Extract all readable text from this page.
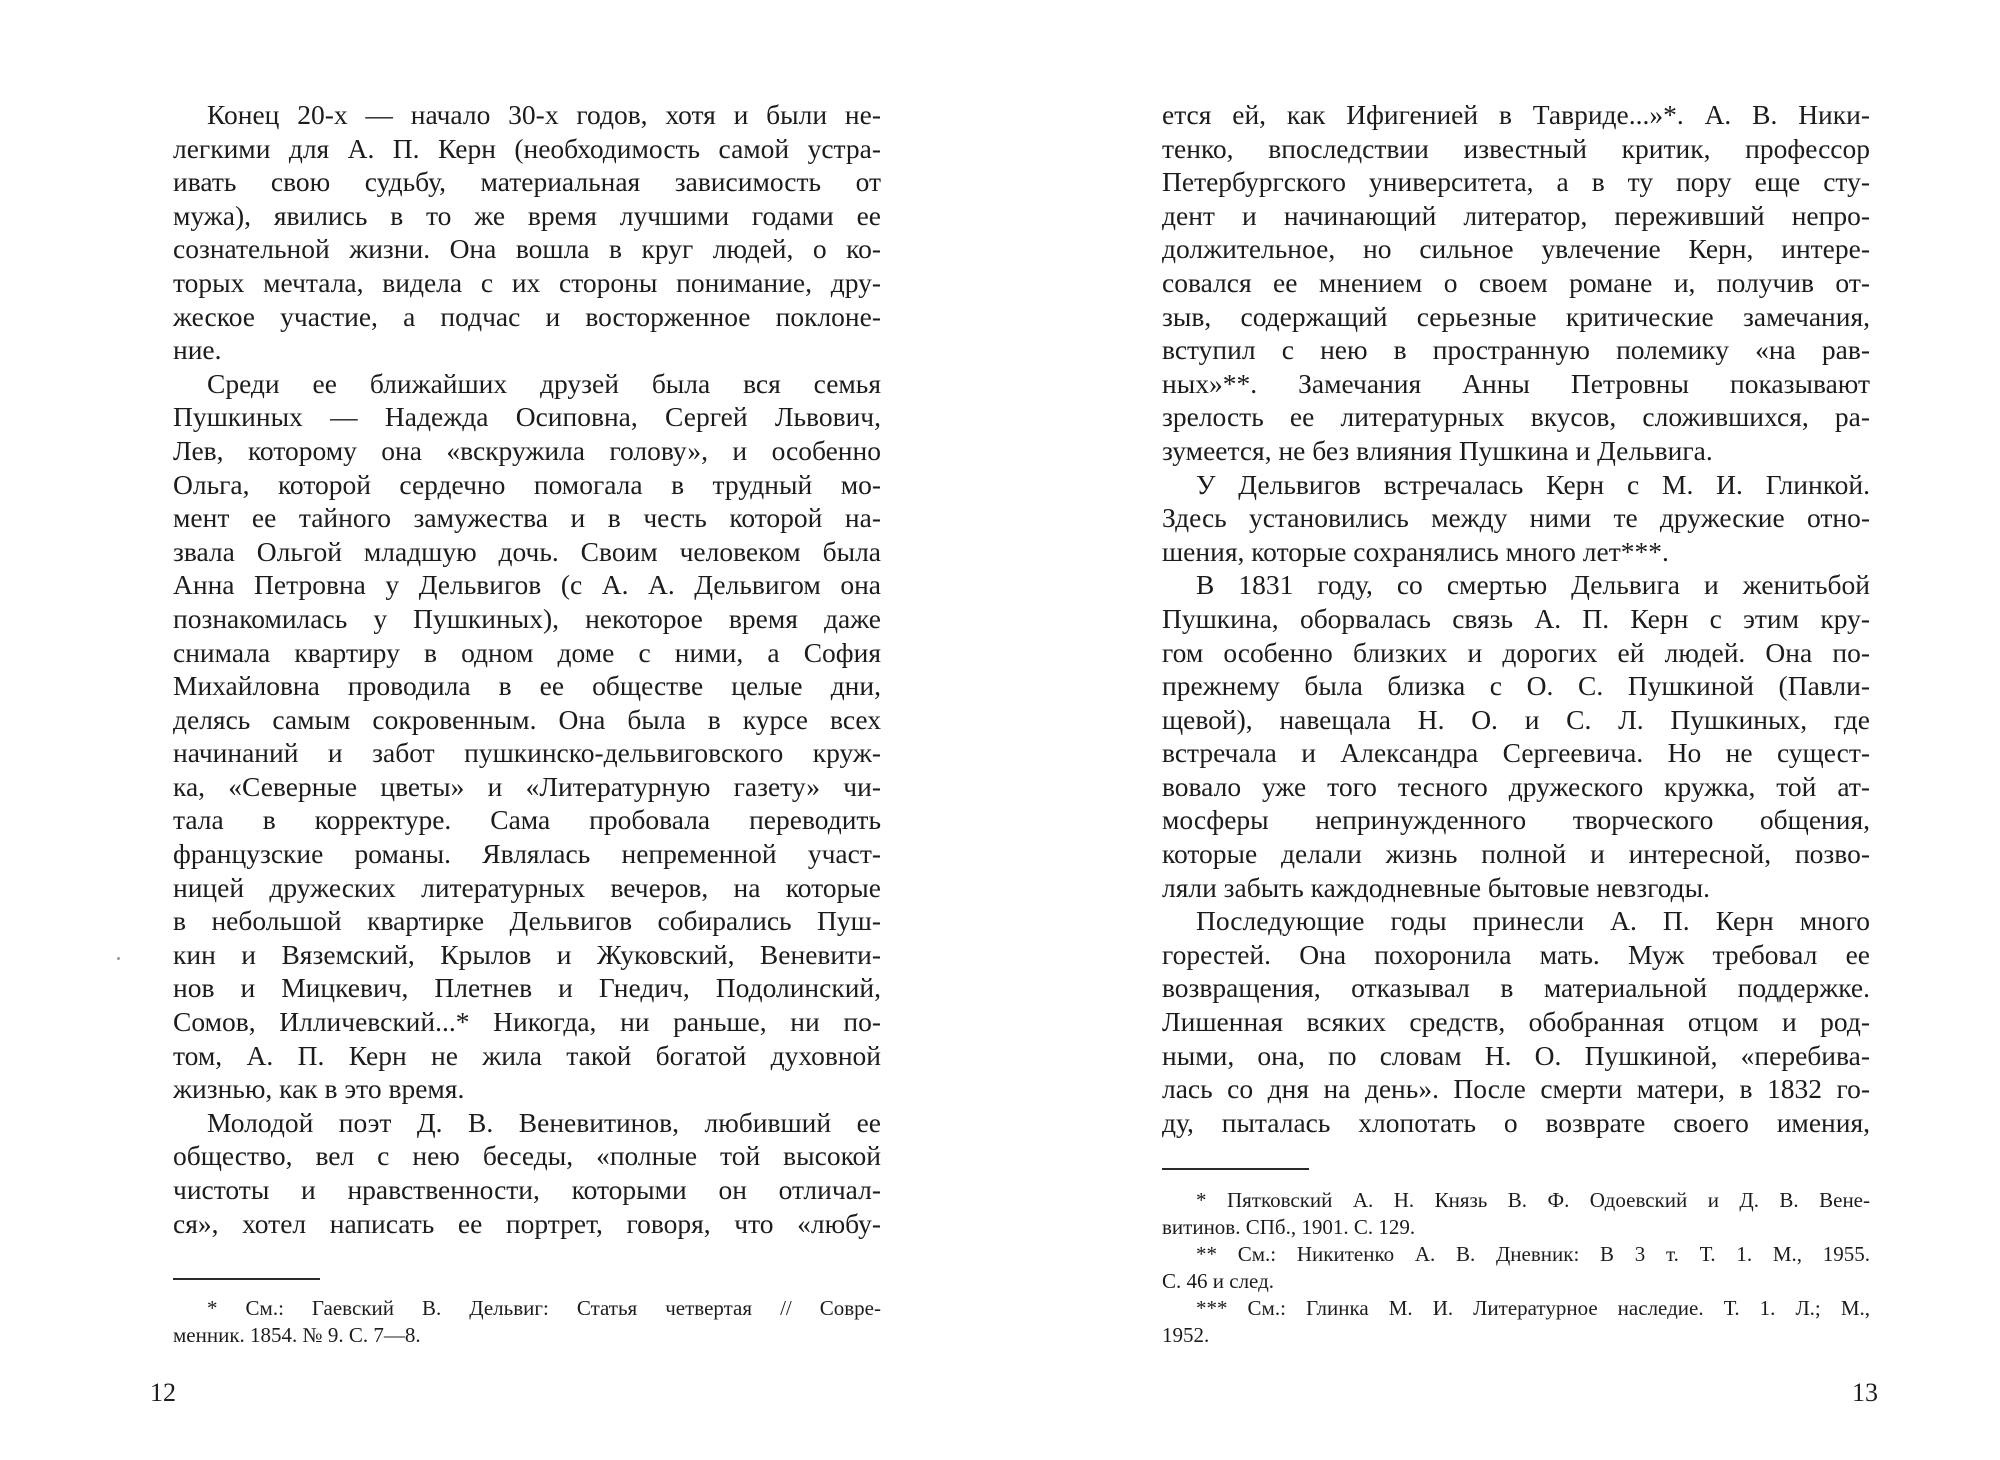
Конец 20-х — начало 30-х годов, хотя и были не-
легкими для А. П. Керн (необходимость самой устра-
ивать свою судьбу, материальная зависимость от
мужа), явились в то же время лучшими годами ее
сознательной жизни. Она вошла в круг людей, о ко-
торых мечтала, видела с их стороны понимание, дру-
жеское участие, а подчас и восторженное поклоне-
ние.
Среди ее ближайших друзей была вся семья
Пушкиных — Надежда Осиповна, Сергей Львович,
Лев, которому она «вскружила голову», и особенно
Ольга, которой сердечно помогала в трудный мо-
мент ее тайного замужества и в честь которой на-
звала Ольгой младшую дочь. Своим человеком была
Анна Петровна у Дельвигов (с А. А. Дельвигом она
познакомилась у Пушкиных), некоторое время даже
снимала квартиру в одном доме с ними, а София
Михайловна проводила в ее обществе целые дни,
делясь самым сокровенным. Она была в курсе всех
начинаний и забот пушкинско-дельвиговского круж-
ка, «Северные цветы» и «Литературную газету» чи-
тала в корректуре. Сама пробовала переводить
французские романы. Являлась непременной участ-
ницей дружеских литературных вечеров, на которые
в небольшой квартирке Дельвигов собирались Пуш-
кин и Вяземский, Крылов и Жуковский, Веневити-
нов и Мицкевич, Плетнев и Гнедич, Подолинский,
Сомов, Илличевский...* Никогда, ни раньше, ни по-
том, А. П. Керн не жила такой богатой духовной
жизнью, как в это время.
Молодой поэт Д. В. Веневитинов, любивший ее
общество, вел с нею беседы, «полные той высокой
чистоты и нравственности, которыми он отличал-
ся», хотел написать ее портрет, говоря, что «любу-
* См.: Гаевский В. Дельвиг: Статья четвертая // Совре-
менник. 1854. № 9. С. 7—8.
12
ется ей, как Ифигенией в Тавриде...»*. А. В. Ники-
тенко, впоследствии известный критик, профессор
Петербургского университета, а в ту пору еще сту-
дент и начинающий литератор, переживший непро-
должительное, но сильное увлечение Керн, интере-
совался ее мнением о своем романе и, получив от-
зыв, содержащий серьезные критические замечания,
вступил с нею в пространную полемику «на рав-
ных»**. Замечания Анны Петровны показывают
зрелость ее литературных вкусов, сложившихся, ра-
зумеется, не без влияния Пушкина и Дельвига.
У Дельвигов встречалась Керн с М. И. Глинкой.
Здесь установились между ними те дружеские отно-
шения, которые сохранялись много лет***.
В 1831 году, со смертью Дельвига и женитьбой
Пушкина, оборвалась связь А. П. Керн с этим кру-
гом особенно близких и дорогих ей людей. Она по-
прежнему была близка с О. С. Пушкиной (Павли-
щевой), навещала Н. О. и С. Л. Пушкиных, где
встречала и Александра Сергеевича. Но не сущест-
вовало уже того тесного дружеского кружка, той ат-
мосферы непринужденного творческого общения,
которые делали жизнь полной и интересной, позво-
ляли забыть каждодневные бытовые невзгоды.
Последующие годы принесли А. П. Керн много
горестей. Она похоронила мать. Муж требовал ее
возвращения, отказывал в материальной поддержке.
Лишенная всяких средств, обобранная отцом и род-
ными, она, по словам Н. О. Пушкиной, «перебива-
лась со дня на день». После смерти матери, в 1832 го-
ду, пыталась хлопотать о возврате своего имения,
* Пятковский А. Н. Князь В. Ф. Одоевский и Д. В. Вене-
витинов. СПб., 1901. С. 129.
** См.: Никитенко А. В. Дневник: В 3 т. Т. 1. М., 1955.
С. 46 и след.
*** См.: Глинка М. И. Литературное наследие. Т. 1. Л.; М.,
1952.
13
